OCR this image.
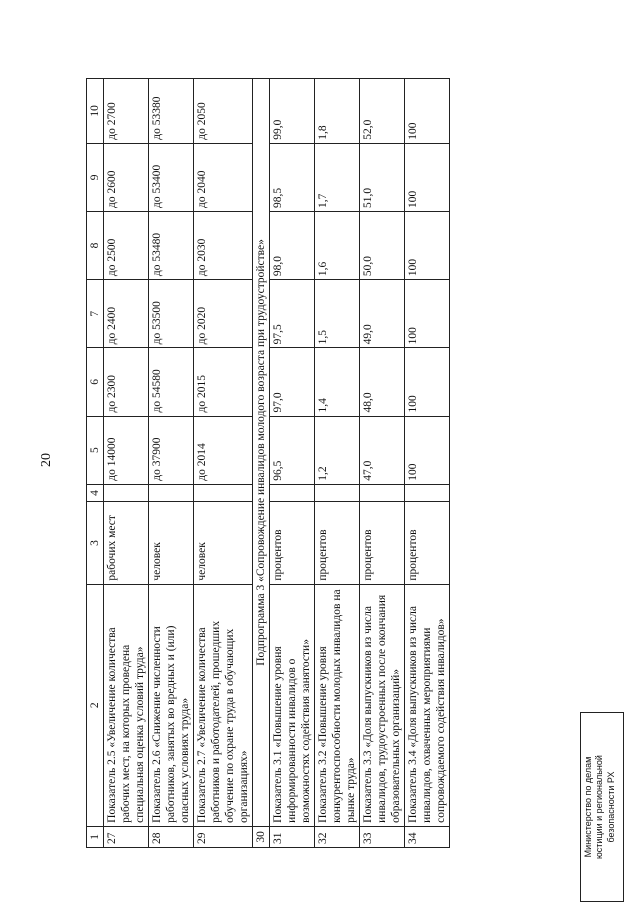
20
1	2	3	4	5	6	7	8	9	10
27	Показатель 2.5 «Увеличение количества рабочих мест, на которых проведена специальная оценка условий труда»	рабочих мест		до 14000	до 2300	до 2400	до 2500	до 2600	до 2700
28	Показатель 2.6 «Снижение численности работников, занятых во вредных и (или) опасных условиях труда»	человек		до 37900	до 54580	до 53500	до 53480	до 53400	до 53380
29	Показатель 2.7 «Увеличение количества работников и работодателей, прошедших обучение по охране труда в обучающих организациях»	человек		до 2014	до 2015	до 2020	до 2030	до 2040	до 2050
30	Подпрограмма 3 «Сопровождение инвалидов молодого возраста при трудоустройстве»								
31	Показатель 3.1 «Повышение уровня информированности инвалидов о возможностях содействия занятости»	процентов		96,5	97,0	97,5	98,0	98,5	99,0
32	Показатель 3.2 «Повышение уровня конкурентоспособности молодых инвалидов на рынке труда»	процентов		1,2	1,4	1,5	1,6	1,7	1,8
33	Показатель 3.3 «Доля выпускников из числа инвалидов, трудоустроенных после окончания образовательных организаций»	процентов		47,0	48,0	49,0	50,0	51,0	52,0
34	Показатель 3.4 «Доля выпускников из числа инвалидов, охваченных мероприятиями сопровождаемого содействия инвалидов»	процентов		100	100	100	100	100	100
Министерство по делам юстиции и региональной безопасности РХ
